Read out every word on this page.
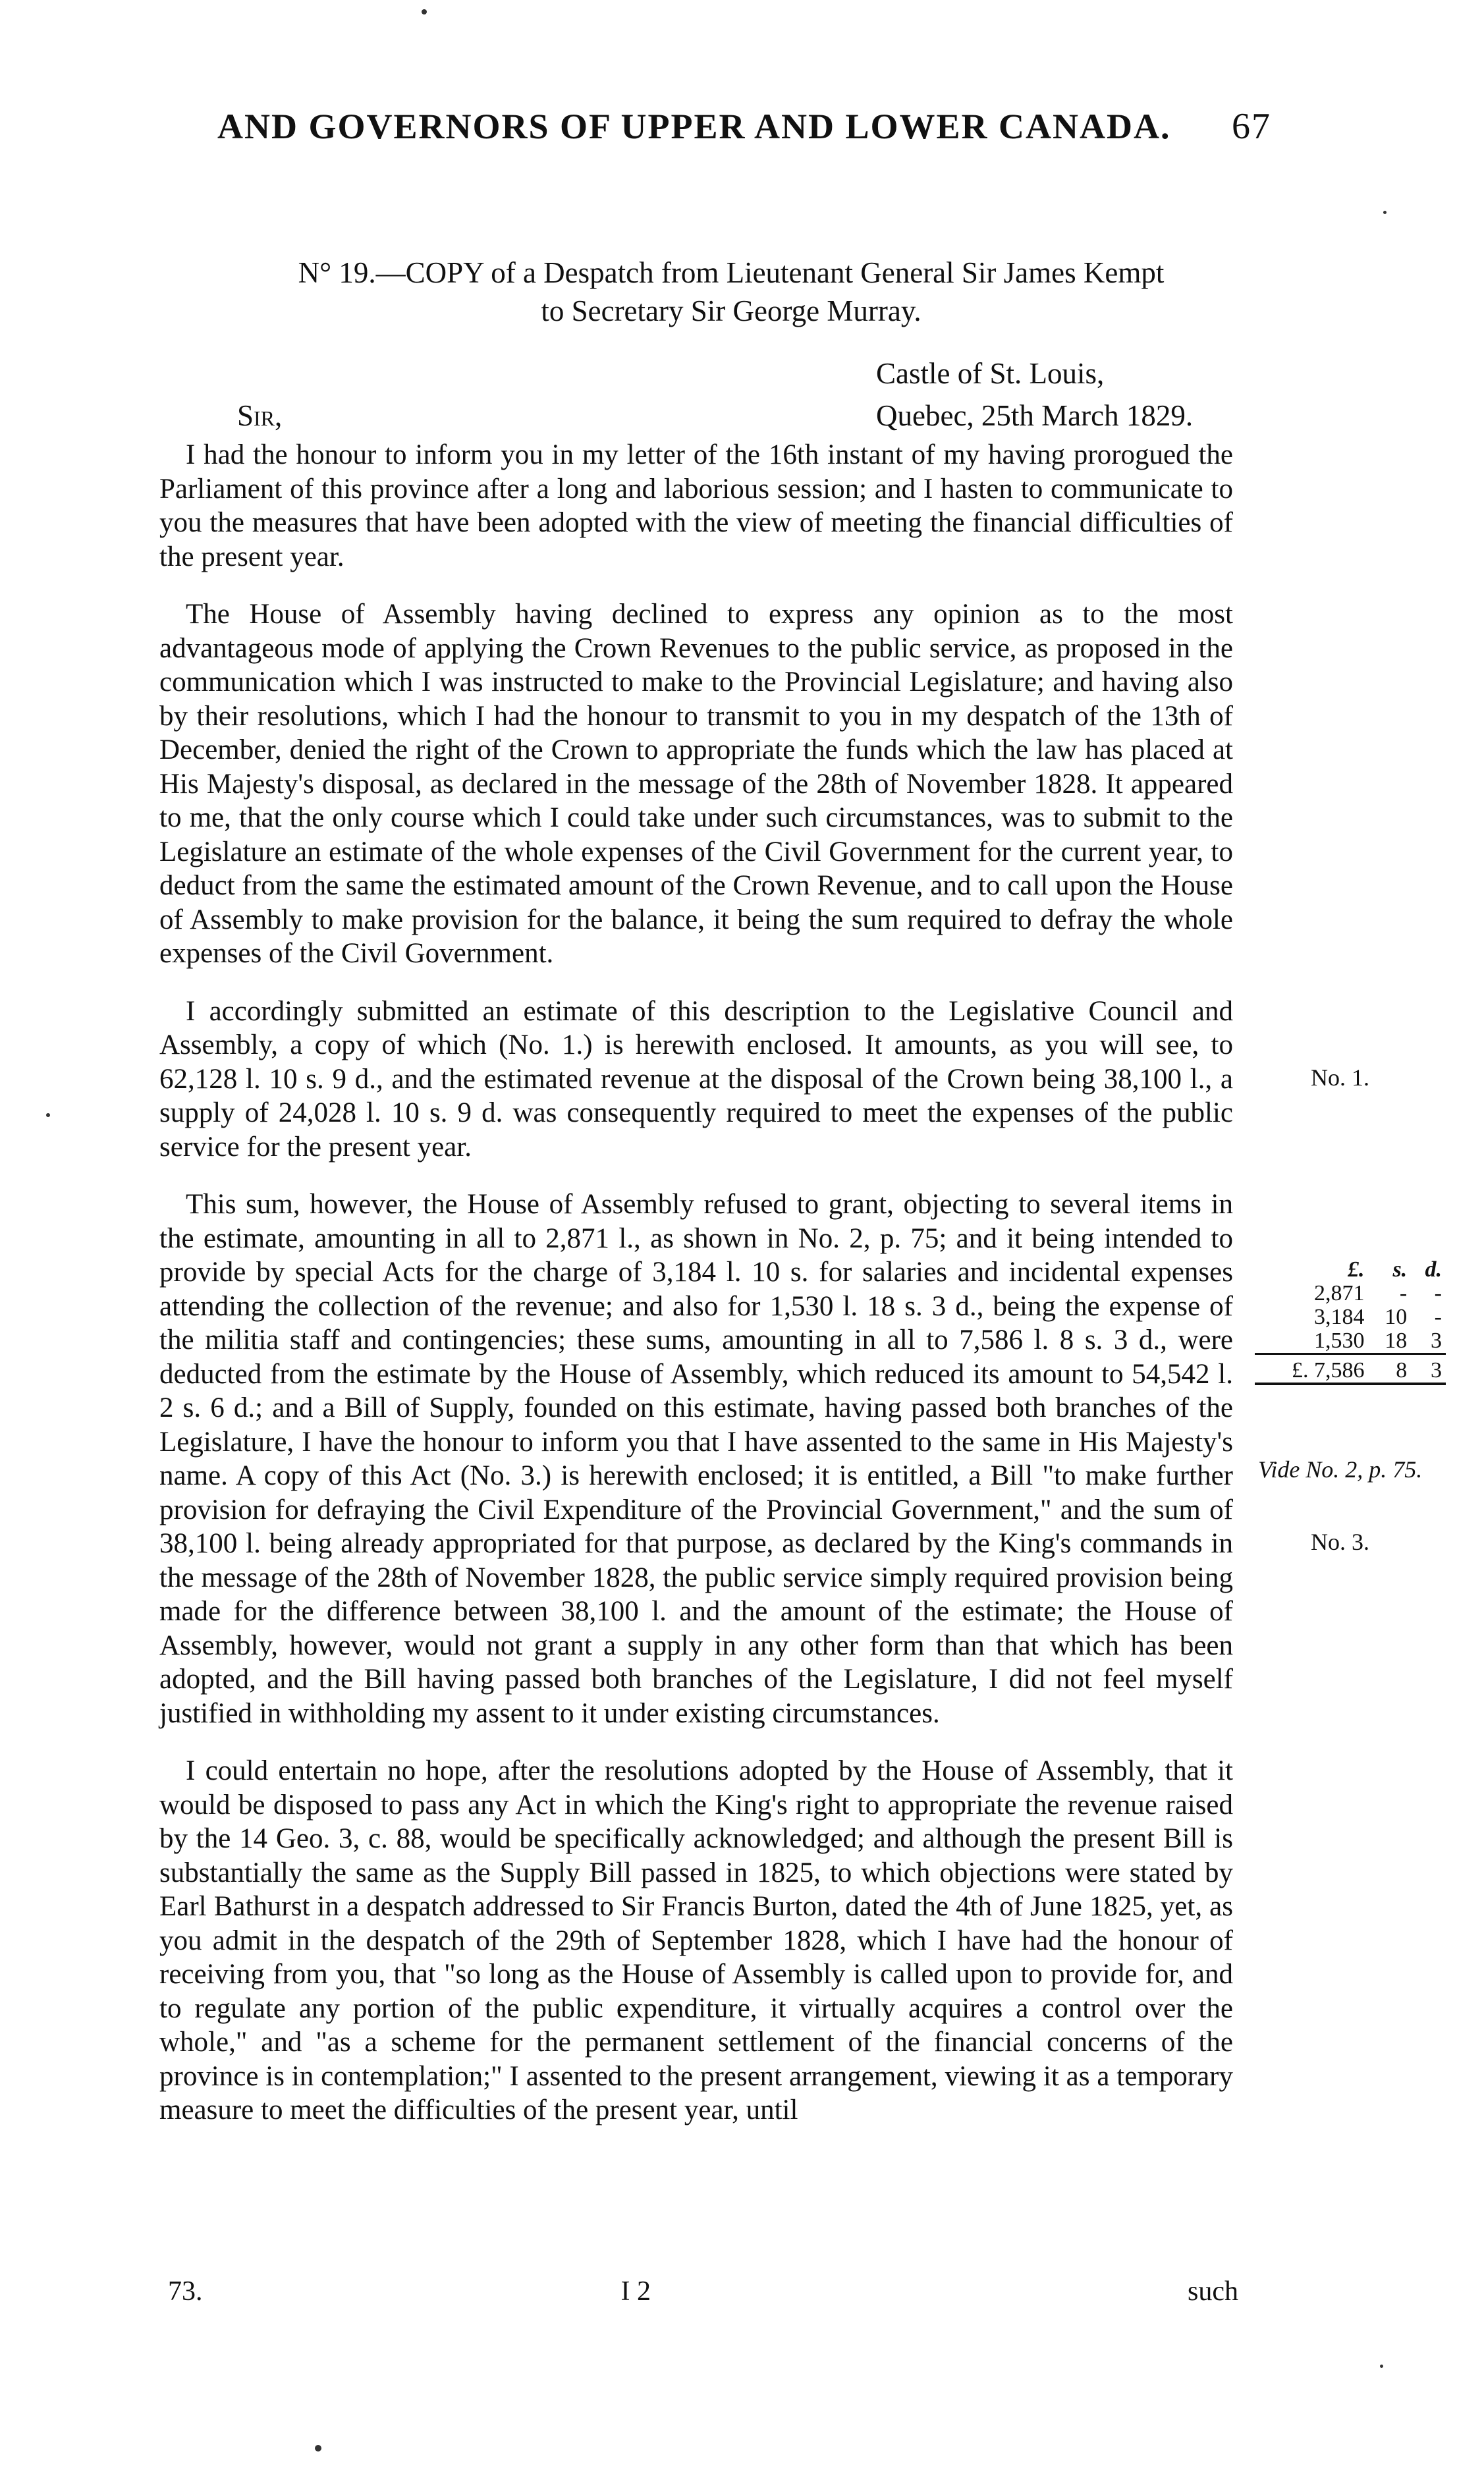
AND GOVERNORS OF UPPER AND LOWER CANADA. 67
N° 19.—COPY of a Despatch from Lieutenant General Sir James Kempt
to Secretary Sir George Murray.
Castle of St. Louis,
Quebec, 25th March 1829.
Sir,

I had the honour to inform you in my letter of the 16th instant of my having prorogued the Parliament of this province after a long and laborious session; and I hasten to communicate to you the measures that have been adopted with the view of meeting the financial difficulties of the present year.

The House of Assembly having declined to express any opinion as to the most advantageous mode of applying the Crown Revenues to the public service, as proposed in the communication which I was instructed to make to the Provincial Legislature; and having also by their resolutions, which I had the honour to transmit to you in my despatch of the 13th of December, denied the right of the Crown to appropriate the funds which the law has placed at His Majesty's disposal, as declared in the message of the 28th of November 1828. It appeared to me, that the only course which I could take under such circumstances, was to submit to the Legislature an estimate of the whole expenses of the Civil Government for the current year, to deduct from the same the estimated amount of the Crown Revenue, and to call upon the House of Assembly to make provision for the balance, it being the sum required to defray the whole expenses of the Civil Government.

I accordingly submitted an estimate of this description to the Legislative Council and Assembly, a copy of which (No. 1.) is herewith enclosed. It amounts, as you will see, to 62,128 l. 10 s. 9 d., and the estimated revenue at the disposal of the Crown being 38,100 l., a supply of 24,028 l. 10 s. 9 d. was consequently required to meet the expenses of the public service for the present year.

This sum, however, the House of Assembly refused to grant, objecting to several items in the estimate, amounting in all to 2,871 l., as shown in No. 2, p. 75; and it being intended to provide by special Acts for the charge of 3,184 l. 10 s. for salaries and incidental expenses attending the collection of the revenue; and also for 1,530 l. 18 s. 3 d., being the expense of the militia staff and contingencies; these sums, amounting in all to 7,586 l. 8 s. 3 d., were deducted from the estimate by the House of Assembly, which reduced its amount to 54,542 l. 2 s. 6 d.; and a Bill of Supply, founded on this estimate, having passed both branches of the Legislature, I have the honour to inform you that I have assented to the same in His Majesty's name. A copy of this Act (No. 3.) is herewith enclosed; it is entitled, a Bill "to make further provision for defraying the Civil Expenditure of the Provincial Government," and the sum of 38,100 l. being already appropriated for that purpose, as declared by the King's commands in the message of the 28th of November 1828, the public service simply required provision being made for the difference between 38,100 l. and the amount of the estimate; the House of Assembly, however, would not grant a supply in any other form than that which has been adopted, and the Bill having passed both branches of the Legislature, I did not feel myself justified in withholding my assent to it under existing circumstances.

I could entertain no hope, after the resolutions adopted by the House of Assembly, that it would be disposed to pass any Act in which the King's right to appropriate the revenue raised by the 14 Geo. 3, c. 88, would be specifically acknowledged; and although the present Bill is substantially the same as the Supply Bill passed in 1825, to which objections were stated by Earl Bathurst in a despatch addressed to Sir Francis Burton, dated the 4th of June 1825, yet, as you admit in the despatch of the 29th of September 1828, which I have had the honour of receiving from you, that "so long as the House of Assembly is called upon to provide for, and to regulate any portion of the public expenditure, it virtually acquires a control over the whole," and "as a scheme for the permanent settlement of the financial concerns of the province is in contemplation;" I assented to the present arrangement, viewing it as a temporary measure to meet the difficulties of the present year, until

No. 1.
£.	s.	d.
2,871	-	-
3,184	10	-
1,530	18	3
£. 7,586	8	3

Vide No. 2, p. 75.
No. 3.
73.	I 2	such
